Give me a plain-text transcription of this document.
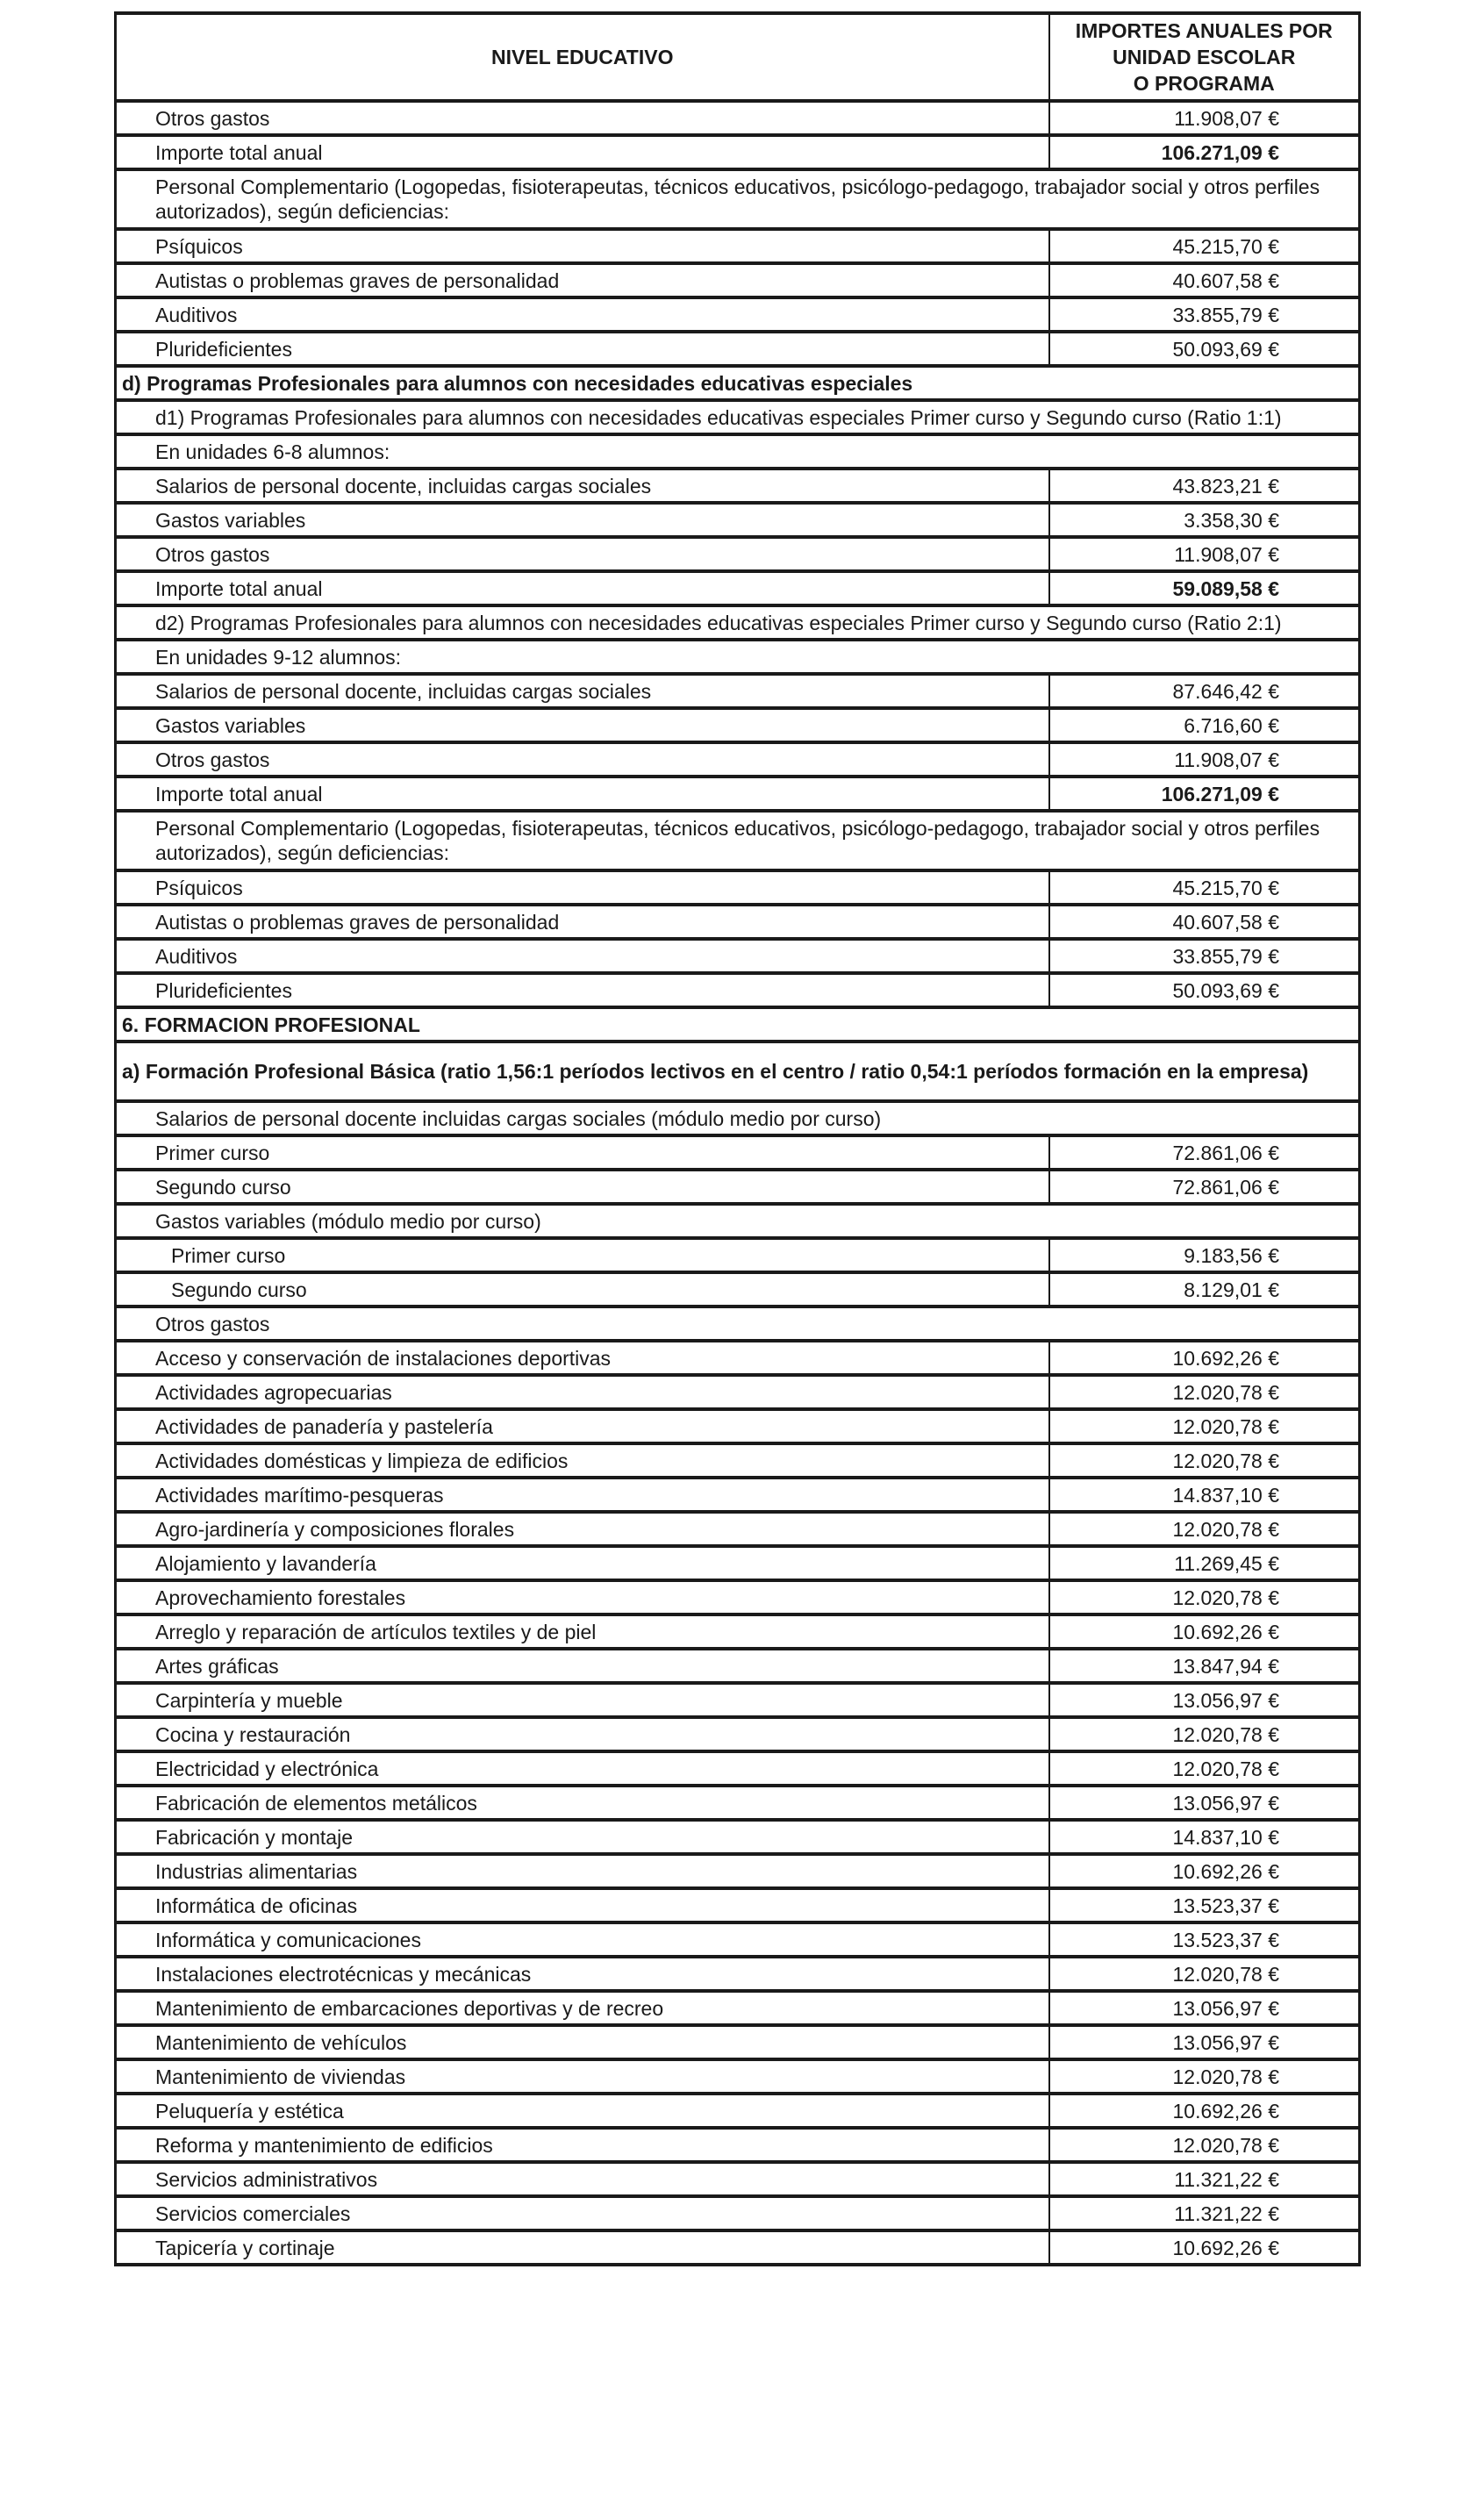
NIVEL EDUCATIVO	IMPORTES ANUALES POR
UNIDAD ESCOLAR
O PROGRAMA

Otros gastos	11.908,07 €

Importe total anual	106.271,09 €

Personal Complementario (Logopedas, fisioterapeutas, técnicos educativos, psicólogo-pedagogo, trabajador social y otros perfiles autorizados), según deficiencias:	

Psíquicos	45.215,70 €

Autistas o problemas graves de personalidad	40.607,58 €

Auditivos	33.855,79 €

Plurideficientes	50.093,69 €

d) Programas Profesionales para alumnos con necesidades educativas especiales	

d1) Programas Profesionales para alumnos con necesidades educativas especiales Primer curso y Segundo curso (Ratio 1:1)	

En unidades 6-8 alumnos:	

Salarios de personal docente, incluidas cargas sociales	43.823,21 €

Gastos variables	3.358,30 €

Otros gastos	11.908,07 €

Importe total anual	59.089,58 €

d2) Programas Profesionales para alumnos con necesidades educativas especiales Primer curso y Segundo curso (Ratio 2:1)	

En unidades 9-12 alumnos:	

Salarios de personal docente, incluidas cargas sociales	87.646,42 €

Gastos variables	6.716,60 €

Otros gastos	11.908,07 €

Importe total anual	106.271,09 €

Personal Complementario (Logopedas, fisioterapeutas, técnicos educativos, psicólogo-pedagogo, trabajador social y otros perfiles autorizados), según deficiencias:	

Psíquicos	45.215,70 €

Autistas o problemas graves de personalidad	40.607,58 €

Auditivos	33.855,79 €

Plurideficientes	50.093,69 €

6. FORMACION PROFESIONAL	

a) Formación Profesional Básica (ratio 1,56:1 períodos lectivos en el centro / ratio 0,54:1 períodos formación en la empresa)	

Salarios de personal docente incluidas cargas sociales (módulo medio por curso)	

Primer curso	72.861,06 €

Segundo curso	72.861,06 €

Gastos variables (módulo medio por curso)	

Primer curso	9.183,56 €

Segundo curso	8.129,01 €

Otros gastos	

Acceso y conservación de instalaciones deportivas	10.692,26 €

Actividades agropecuarias	12.020,78 €

Actividades de panadería y pastelería	12.020,78 €

Actividades domésticas y limpieza de edificios	12.020,78 €

Actividades marítimo-pesqueras	14.837,10 €

Agro-jardinería y composiciones florales	12.020,78 €

Alojamiento y lavandería	11.269,45 €

Aprovechamiento forestales	12.020,78 €

Arreglo y reparación de artículos textiles y de piel	10.692,26 €

Artes gráficas	13.847,94 €

Carpintería y mueble	13.056,97 €

Cocina y restauración	12.020,78 €

Electricidad y electrónica	12.020,78 €

Fabricación de elementos metálicos	13.056,97 €

Fabricación y montaje	14.837,10 €

Industrias alimentarias	10.692,26 €

Informática de oficinas	13.523,37 €

Informática y comunicaciones	13.523,37 €

Instalaciones electrotécnicas y mecánicas	12.020,78 €

Mantenimiento de embarcaciones deportivas y de recreo	13.056,97 €

Mantenimiento de vehículos	13.056,97 €

Mantenimiento de viviendas	12.020,78 €

Peluquería y estética	10.692,26 €

Reforma y mantenimiento de edificios	12.020,78 €

Servicios administrativos	11.321,22 €

Servicios comerciales	11.321,22 €

Tapicería y cortinaje	10.692,26 €
